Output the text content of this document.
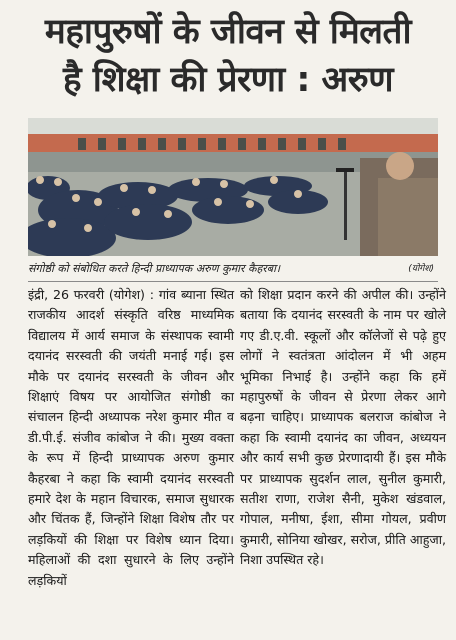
महापुरुषों के जीवन से मिलती
है शिक्षा की प्रेरणा : अरुण
संगोष्ठी को संबोधित करते हिन्दी प्राध्यापक अरुण कुमार कैहरबा।	(योगेश)

इंद्री, 26 फरवरी (योगेश) : गांव ब्याना स्थित राजकीय आदर्श संस्कृति वरिष्ठ माध्यमिक विद्यालय में आर्य समाज के संस्थापक स्वामी दयानंद सरस्वती की जयंती मनाई गई। इस मौके पर दयानंद सरस्वती के जीवन और शिक्षाएं विषय पर आयोजित संगोष्ठी का संचालन हिन्दी अध्यापक नरेश कुमार मीत व डी.पी.ई. संजीव कांबोज ने की। मुख्य वक्ता के रूप में हिन्दी प्राध्यापक अरुण कुमार कैहरबा ने कहा कि स्वामी दयानंद सरस्वती हमारे देश के महान विचारक, समाज सुधारक और चिंतक हैं, जिन्होंने शिक्षा विशेष तौर पर लड़कियों की शिक्षा पर विशेष ध्यान दिया। महिलाओं की दशा सुधारने के लिए उन्होंने लड़कियों

को शिक्षा प्रदान करने की अपील की। उन्होंने बताया कि दयानंद सरस्वती के नाम पर खोले गए डी.ए.वी. स्कूलों और कॉलेजों से पढ़े हुए लोगों ने स्वतंत्रता आंदोलन में भी अहम भूमिका निभाई है। उन्होंने कहा कि हमें महापुरुषों के जीवन से प्रेरणा लेकर आगे बढ़ना चाहिए। प्राध्यापक बलराज कांबोज ने कहा कि स्वामी दयानंद का जीवन, अध्ययन और कार्य सभी कुछ प्रेरणादायी हैं। इस मौके पर प्राध्यापक सुदर्शन लाल, सुनील कुमारी, सतीश राणा, राजेश सैनी, मुकेश खंडवाल, गोपाल, मनीषा, ईशा, सीमा गोयल, प्रवीण कुमारी, सोनिया खोखर, सरोज, प्रीति आहुजा, निशा उपस्थित रहे।
